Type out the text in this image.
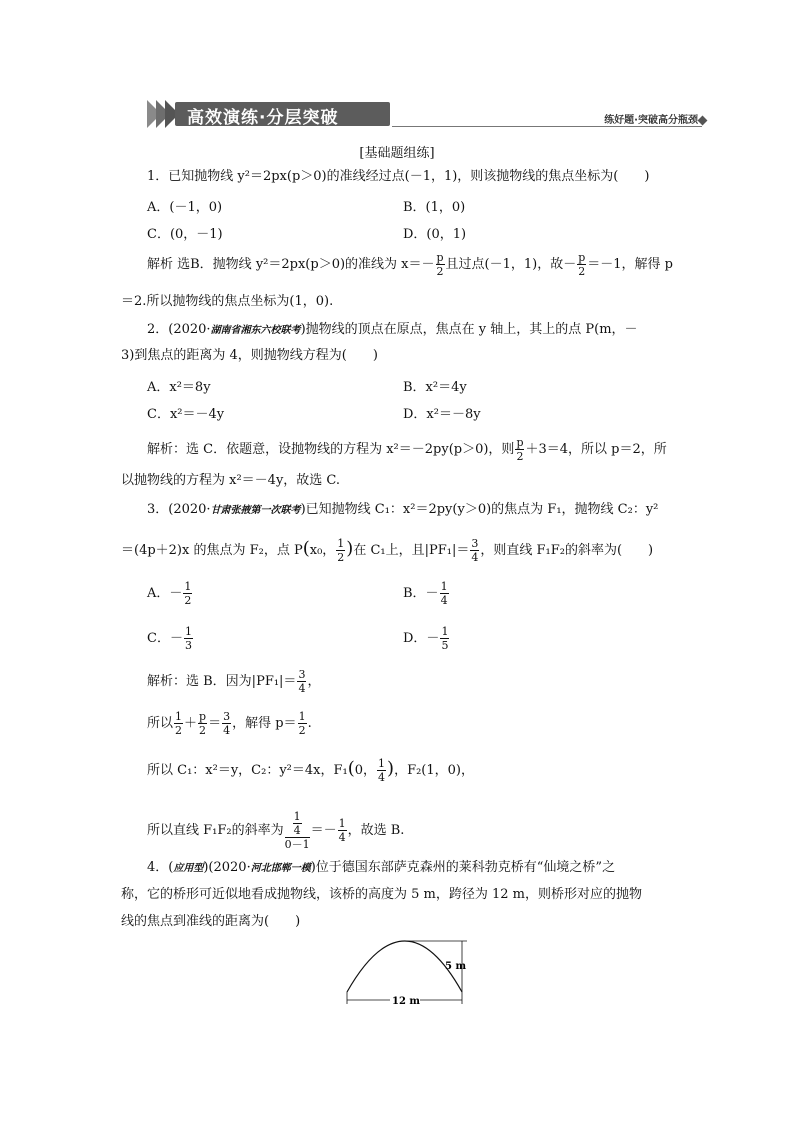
高效演练·分层突破	练好题·突破高分瓶颈
[基础题组练]
1．已知抛物线 y²＝2px(p＞0)的准线经过点(－1，1)，则该抛物线的焦点坐标为(　　)
A．(－1，0)	B．(1，0)
C．(0，－1)	D．(0，1)
解析 选B．抛物线 y²＝2px(p＞0)的准线为 $x=- \frac{p}{2}$ 且过点(－1，1)，故－ $\frac{p}{2} =-1$，解得 p
＝2.所以抛物线的焦点坐标为(1，0).
2．(2020·湖南省湘东六校联考)抛物线的顶点在原点，焦点在 y 轴上，其上的点 P(m，－
3)到焦点的距离为 4，则抛物线方程为(　　)
A．x²＝8y	B．x²＝4y
C．x²＝－4y	D．x²＝－8y
解析：选 C．依题意，设抛物线的方程为 x²＝－2py(p＞0)，则 $\frac{p}{2} +3=4$，所以 p＝2，所
以抛物线的方程为 x²＝－4y，故选 C.
3．(2020·甘肃张掖第一次联考)已知抛物线 C₁：x²＝2py(y＞0)的焦点为 F₁，抛物线 C₂：y²
＝(4p＋2)x 的焦点为 F₂，点 P(x₀， $\frac{1}{2}$ )在 C₁上，且$|PF_1|= \frac{3}{4}$ ，则直线 F₁F₂的斜率为(　　)
A．－ $\frac{1}{2}$	B．－ $\frac{1}{4}$
C．－ $\frac{1}{3}$	D．－ $\frac{1}{5}$
解析：选 B．因为$|PF_1|= \frac{3}{4}$ ，
所以 $\frac{1}{2} + \frac{p}{2} = \frac{3}{4}$ ，解得 $p= \frac{1}{2}$ .
所以 C₁：x²＝y，C₂：y²＝4x，F₁(0， $\frac{1}{4}$ )，F₂(1，0)，
所以直线 F₁F₂的斜率为 $\frac{\frac{1}{4}}{0-1} =- \frac{1}{4}$ ，故选 B.
4．(应用型)(2020·河北邯郸一模)位于德国东部萨克森州的莱科勃克桥有“仙境之桥”之
称，它的桥形可近似地看成抛物线，该桥的高度为 5 m，跨径为 12 m，则桥形对应的抛物
线的焦点到准线的距离为(　　)
5 m
12 m
